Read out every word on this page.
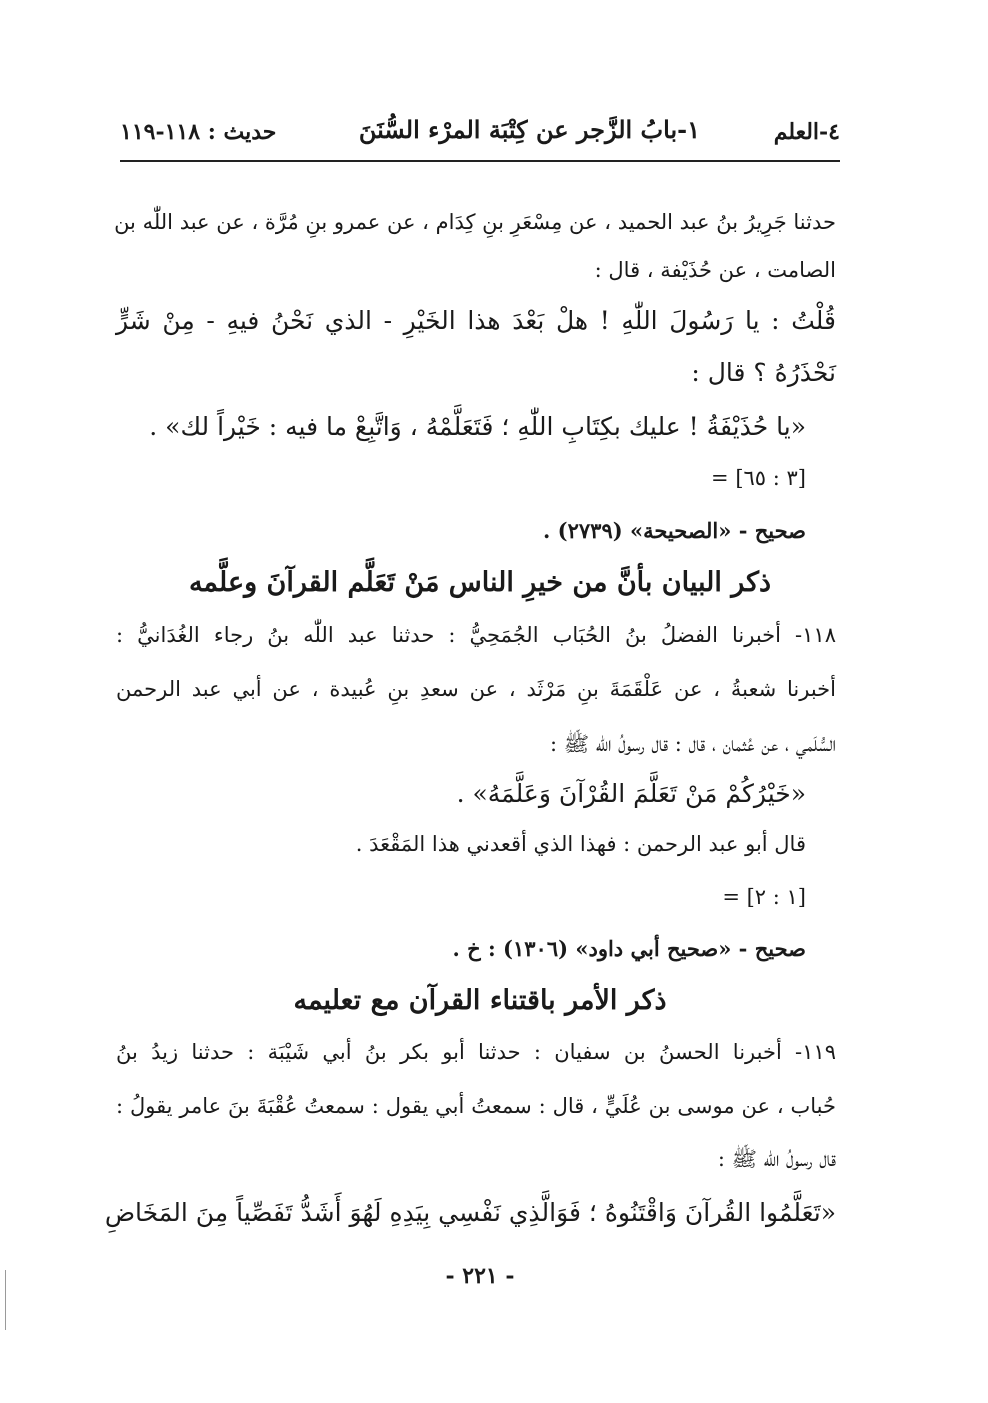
٤-العلم
١-بابُ الزَّجر عن كِتْبَة المرْء السُّنَنَ
حديث : ١١٨-١١٩
حدثنا جَرِيرُ بنُ عبد الحميد ، عن مِسْعَرِ بنِ كِدَام ، عن عمرو بنِ مُرَّة ، عن عبد اللّٰه بن
الصامت ، عن حُذَيْفة ، قال :
قُلْتُ : يا رَسُولَ اللّٰهِ ! هلْ بَعْدَ هذا الخَيْرِ - الذي نَحْنُ فيهِ - مِنْ شَرٍّ
نَحْذَرُهُ ؟ قال :
«يا حُذَيْفَةُ ! عليك بكِتَابِ اللّٰهِ ؛ فَتَعَلَّمْهُ ، وَاتَّبِعْ ما فيه : خَيْراً لك» .
[٣ : ٦٥] =
صحيح - «الصحيحة» (٢٧٣٩) .
ذكر البيان بأنَّ من خيرِ الناس مَنْ تَعَلَّم القرآنَ وعلَّمه
١١٨- أخبرنا الفضلُ بنُ الحُبَاب الجُمَحِيُّ : حدثنا عبد اللّٰه بنُ رجاء الغُدَانيُّ :
أخبرنا شعبةُ ، عن عَلْقَمَةَ بنِ مَرْثَد ، عن سعدِ بنِ عُبيدة ، عن أبي عبد الرحمن
السُّلَمي ، عن عُثمان ، قال : قال رسولُ اللّٰه ﷺ :
«خَيْرُكُمْ مَنْ تَعَلَّمَ القُرْآنَ وَعَلَّمَهُ» .
قال أبو عبد الرحمن : فهذا الذي أقعدني هذا المَقْعَدَ .
[١ : ٢] =
صحيح - «صحيح أبي داود» (١٣٠٦) : خ .
ذكر الأمر باقتناء القرآن مع تعليمه
١١٩- أخبرنا الحسنُ بن سفيان : حدثنا أبو بكر بنُ أبي شَيْبَة : حدثنا زيدُ بنُ
حُباب ، عن موسى بن عُلَيٍّ ، قال : سمعتُ أبي يقول : سمعتُ عُقْبَةَ بنَ عامر يقولُ :
قال رسولُ اللّٰه ﷺ :
«تَعَلَّمُوا القُرآنَ وَاقْتَنُوهُ ؛ فَوَالَّذِي نَفْسِي بِيَدِهِ لَهُوَ أَشَدُّ تَفَصِّياً مِنَ المَخَاضِ
- ٢٢١ -
